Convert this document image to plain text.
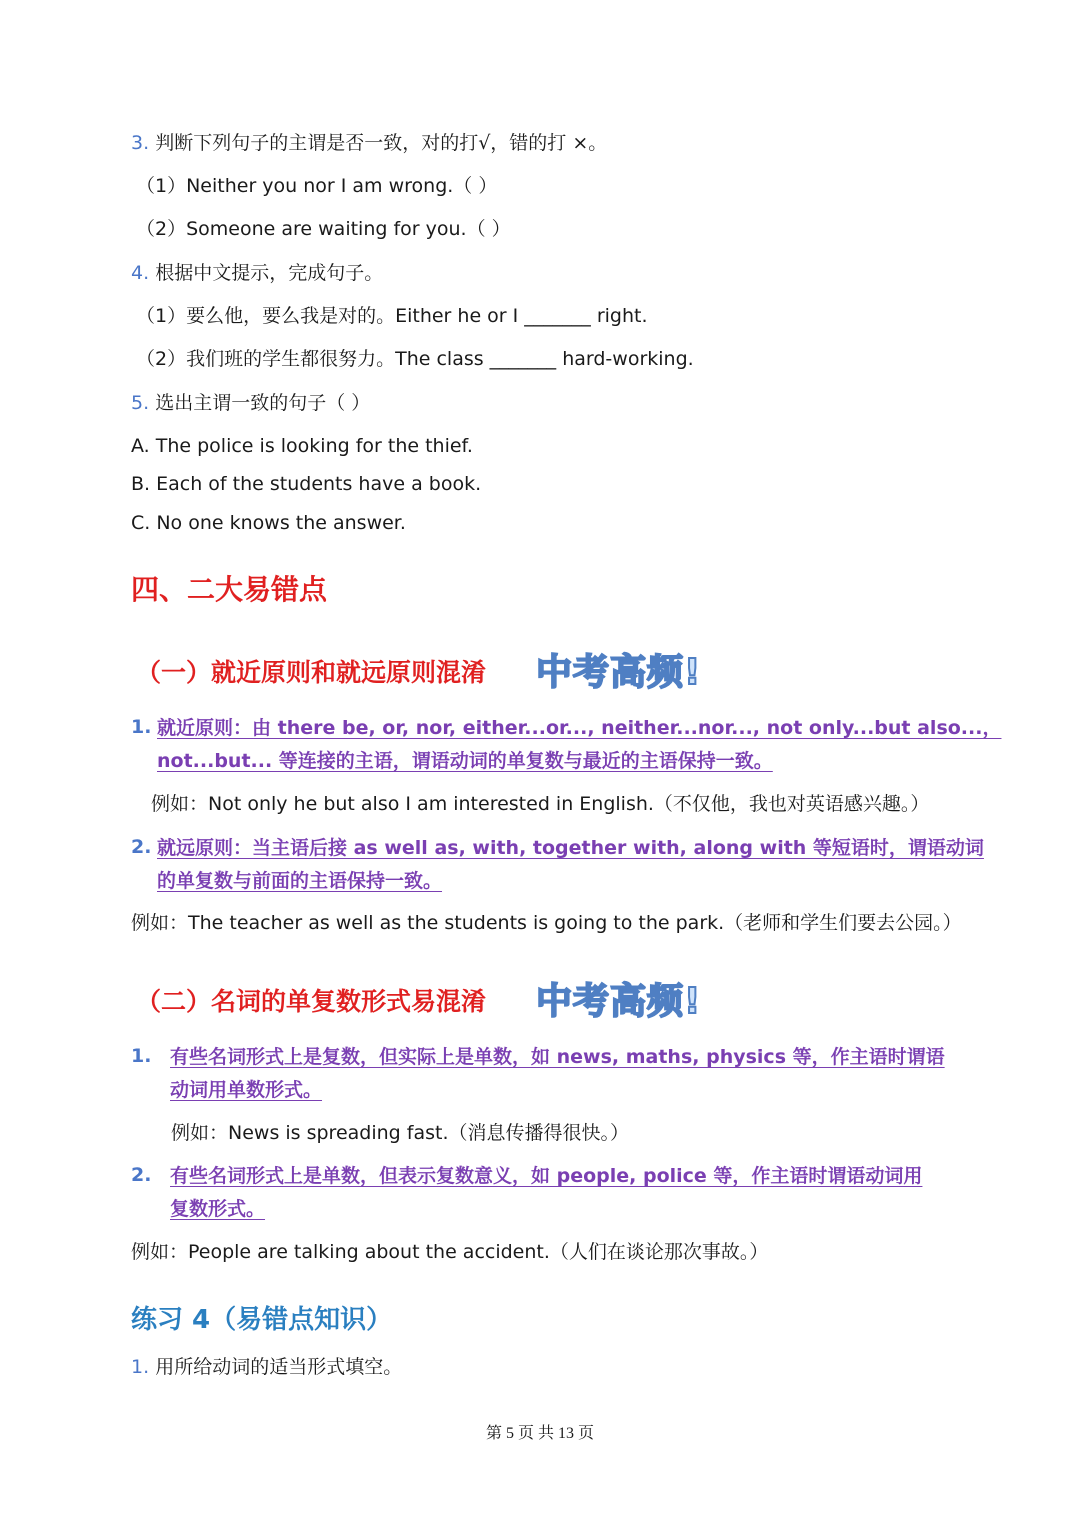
3. 判断下列句子的主谓是否一致，对的打√，错的打 ×。
（1）Neither you nor I am wrong.（ ）
（2）Someone are waiting for you.（ ）
4. 根据中文提示，完成句子。
（1）要么他，要么我是对的。Either he or I _______ right.
（2）我们班的学生都很努力。The class _______ hard-working.
5. 选出主谓一致的句子（ ）
A. The police is looking for the thief.
B. Each of the students have a book.
C. No one knows the answer.
四、二大易错点
（一）就近原则和就远原则混淆 中考高频!
1. 就近原则：由 there be, or, nor, either...or..., neither...nor..., not only...but also...，
not...but... 等连接的主语，谓语动词的单复数与最近的主语保持一致。
例如：Not only he but also I am interested in English.（不仅他，我也对英语感兴趣。）
2. 就远原则：当主语后接 as well as, with, together with, along with 等短语时，谓语动词
的单复数与前面的主语保持一致。
例如：The teacher as well as the students is going to the park.（老师和学生们要去公园。）
（二）名词的单复数形式易混淆 中考高频!
1. 有些名词形式上是复数，但实际上是单数，如 news, maths, physics 等，作主语时谓语
动词用单数形式。
例如：News is spreading fast.（消息传播得很快。）
2. 有些名词形式上是单数，但表示复数意义，如 people, police 等，作主语时谓语动词用
复数形式。
例如：People are talking about the accident.（人们在谈论那次事故。）
练习 4（易错点知识）
1. 用所给动词的适当形式填空。
第 5 页 共 13 页
